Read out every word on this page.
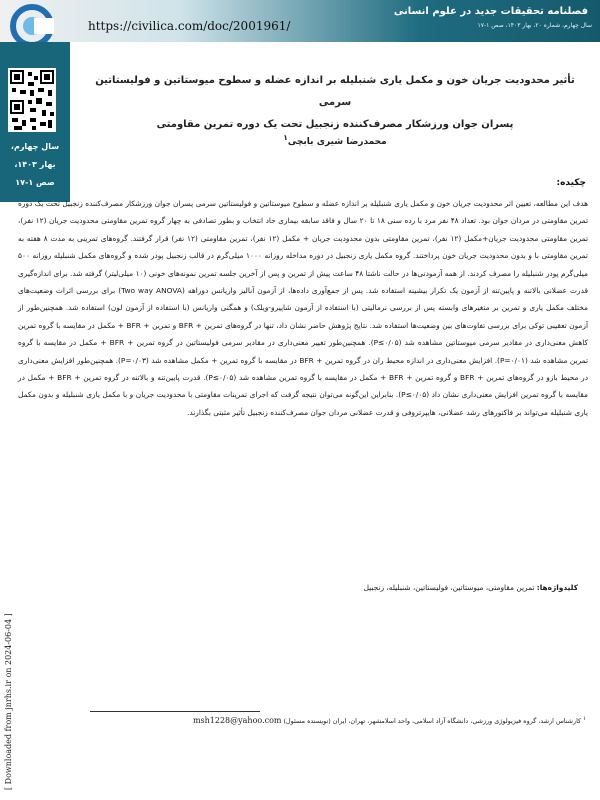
فصلنامه تحقیقات جدید در علوم انسانی
سال چهارم، شماره ۲۰، بهار ۱۴۰۳، صص ۱-۱۷
https://civilica.com/doc/2001961/
سال چهارم،
بهار ۱۴۰۳،
صص ۱-۱۷
تأثیر محدودیت جریان خون و مکمل یاری شنبلیله بر اندازه عضله و سطوح میوستاتین و فولیستاتین سرمی
پسران جوان ورزشکار مصرف‌کننده زنجبیل تحت یک دوره تمرین مقاومتی
محمدرضا شیری بابچی$^۱$
چکیده:

هدف این مطالعه، تعیین اثر محدودیت جریان خون و مکمل یاری شنبلیله بر اندازه عضله و سطوح میوستاتین و فولیستاتین سرمی پسران جوان ورزشکار مصرف‌کننده زنجبیل تحت یک دوره تمرین مقاومتی در مردان جوان بود. تعداد ۴۸ نفر مرد با رده سنی ۱۸ تا ۲۰ سال و فاقد سابقه بیماری حاد انتخاب و بطور تصادفی به چهار گروه تمرین مقاومتی محدودیت جریان (۱۲ نفر)، تمرین مقاومتی محدودیت جریان+مکمل (۱۲ نفر)، تمرین مقاومتی بدون محدودیت جریان + مکمل (۱۲ نفر)، تمرین مقاومتی (۱۲ نفر) قرار گرفتند. گروه‌های تمرینی به مدت ۸ هفته به تمرین مقاومتی با و بدون محدودیت جریان خون پرداختند. گروه مکمل یاری زنجبیل در دوره مداخله روزانه ۱۰۰۰ میلی‌گرم در قالب زنجبیل پودر شده و گروه‌های مکمل شنبلیله روزانه ۵۰۰ میلی‌گرم پودر شنبلیله را مصرف کردند. از همه آزمودنی‌ها در حالت ناشتا ۴۸ ساعت پیش از تمرین و پس از آخرین جلسه تمرین نمونه‌های خونی (۱۰ میلی‌لیتر) گرفته شد. برای اندازه‌گیری قدرت عضلانی بالاتنه و پایین‌تنه از آزمون یک تکرار بیشینه استفاده شد. پس از جمع‌آوری داده‌ها، از آزمون آنالیز واریانس دوراهه (Two way ANOVA) برای بررسی اثرات وضعیت‌های مختلف مکمل یاری و تمرین بر متغیرهای وابسته پس از بررسی نرمالیتی (با استفاده از آزمون شاپیرو-ویلک) و همگنی واریانس (با استفاده از آزمون لون) استفاده شد. همچنین‌طور از آزمون تعقیبی توکی برای بررسی تفاوت‌های بین وضعیت‌ها استفاده شد. نتایج پژوهش حاضر نشان داد، تنها در گروه‌های تمرین + BFR و تمرین + BFR + مکمل در مقایسه با گروه تمرین کاهش معنی‌داری در مقادیر سرمی میوستاتین مشاهده شد (P≤۰/۰۵). همچنین‌طور تغییر معنی‌داری در مقادیر سرمی فولیستاتین در گروه تمرین + BFR + مکمل در مقایسه با گروه تمرین مشاهده شد (P=۰/۰۱). افزایش معنی‌داری در اندازه محیط ران در گروه تمرین + BFR در مقایسه با گروه تمرین + مکمل مشاهده شد (P=۰/۰۳). همچنین‌طور افزایش معنی‌داری در محیط بازو در گروه‌های تمرین + BFR و گروه تمرین + BFR + مکمل در مقایسه با گروه تمرین مشاهده شد (P≤۰/۰۵). قدرت پایین‌تنه و بالاتنه در گروه تمرین + BFR + مکمل در مقایسه با گروه تمرین افزایش معنی‌داری نشان داد (P≤۰/۰۵). بنابراین این‌گونه می‌توان نتیجه گرفت که اجرای تمرینات مقاومتی با محدودیت جریان و با مکمل یاری شنبلیله و بدون مکمل یاری شنبلیله می‌تواند بر فاکتورهای رشد عضلانی، هایپرتروفی و قدرت عضلانی مردان جوان مصرف‌کننده زنجبیل تأثیر مثبتی بگذارند.

کلیدواژه‌ها: تمرین مقاومتی، میوستاتین، فولیستاتین، شنبلیله، زنجبیل
$^۱$ کارشناس ارشد، گروه فیزیولوژی ورزشی، دانشگاه آزاد اسلامی، واحد اسلامشهر، تهران، ایران (نویسنده مسئول) msh1228@yahoo.com
[ Downloaded from jnrhs.ir on 2024-06-04 ]
